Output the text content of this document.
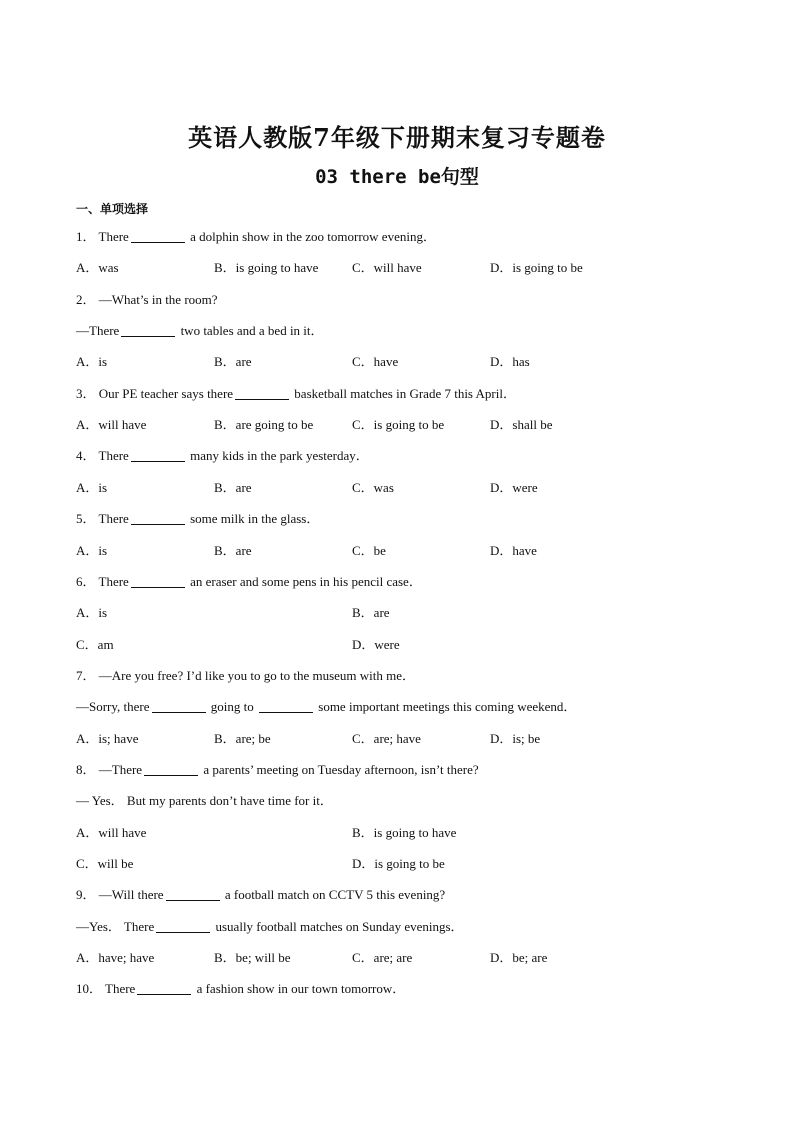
英语人教版7年级下册期末复习专题卷
03 there be句型
一、单项选择
1． There	a dolphin show in the zoo tomorrow evening．
A．was	B．is going to have	C．will have	D．is going to be
2． —What’s in the room?
—There	two tables and a bed in it．
A．is	B．are	C．have	D．has
3． Our PE teacher says there	basketball matches in Grade 7 this April．
A．will have	B．are going to be	C．is going to be	D．shall be
4． There	many kids in the park yesterday．
A．is	B．are	C．was	D．were
5． There	some milk in the glass．
A．is	B．are	C．be	D．have
6． There	an eraser and some pens in his pencil case．
A．is	B．are
C．am	D．were
7． —Are you free? I’d like you to go to the museum with me．
—Sorry, there	going to	some important meetings this coming weekend．
A．is; have	B．are; be	C．are; have	D．is; be
8． —There	a parents’ meeting on Tuesday afternoon, isn’t there?
— Yes． But my parents don’t have time for it．
A．will have	B．is going to have
C．will be	D．is going to be
9． —Will there	a football match on CCTV 5 this evening?
—Yes． There	usually football matches on Sunday evenings．
A．have; have	B．be; will be	C．are; are	D．be; are
10． There	a fashion show in our town tomorrow．
